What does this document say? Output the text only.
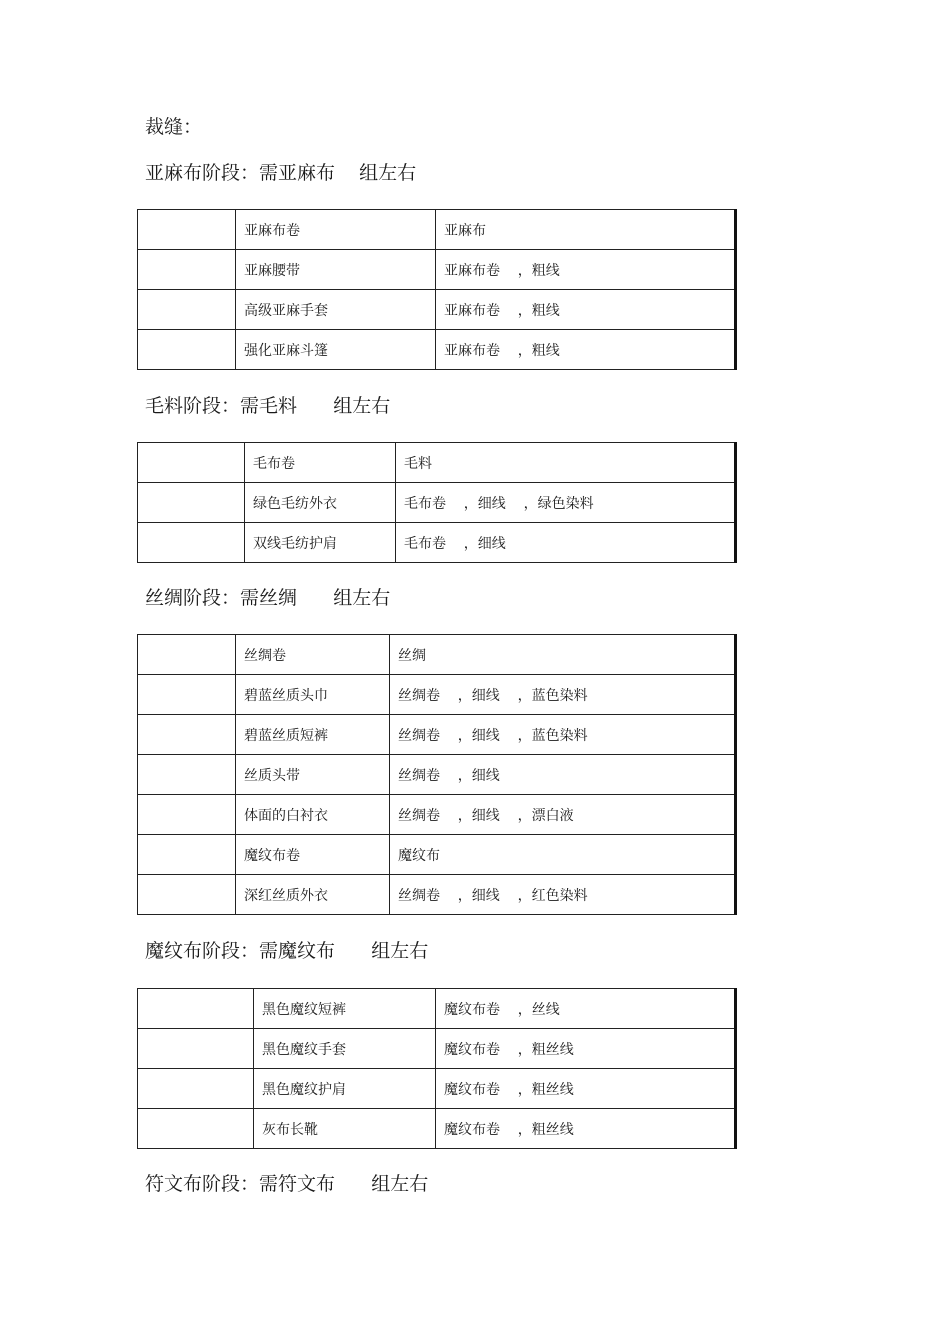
裁缝：
亚麻布阶段：需亚麻布    组左右
	亚麻布卷	亚麻布
	亚麻腰带	亚麻布卷    ，粗线
	高级亚麻手套	亚麻布卷    ，粗线
	强化亚麻斗篷	亚麻布卷    ，粗线
毛料阶段：需毛料      组左右
	毛布卷	毛料
	绿色毛纺外衣	毛布卷    ，细线    ，绿色染料
	双线毛纺护肩	毛布卷    ，细线
丝绸阶段：需丝绸      组左右
	丝绸卷	丝绸
	碧蓝丝质头巾	丝绸卷    ，细线    ，蓝色染料
	碧蓝丝质短裤	丝绸卷    ，细线    ，蓝色染料
	丝质头带	丝绸卷    ，细线
	体面的白衬衣	丝绸卷    ，细线    ，漂白液
	魔纹布卷	魔纹布
	深红丝质外衣	丝绸卷    ，细线    ，红色染料
魔纹布阶段：需魔纹布      组左右
	黑色魔纹短裤	魔纹布卷    ，丝线
	黑色魔纹手套	魔纹布卷    ，粗丝线
	黑色魔纹护肩	魔纹布卷    ，粗丝线
	灰布长靴	魔纹布卷    ，粗丝线
符文布阶段：需符文布      组左右
